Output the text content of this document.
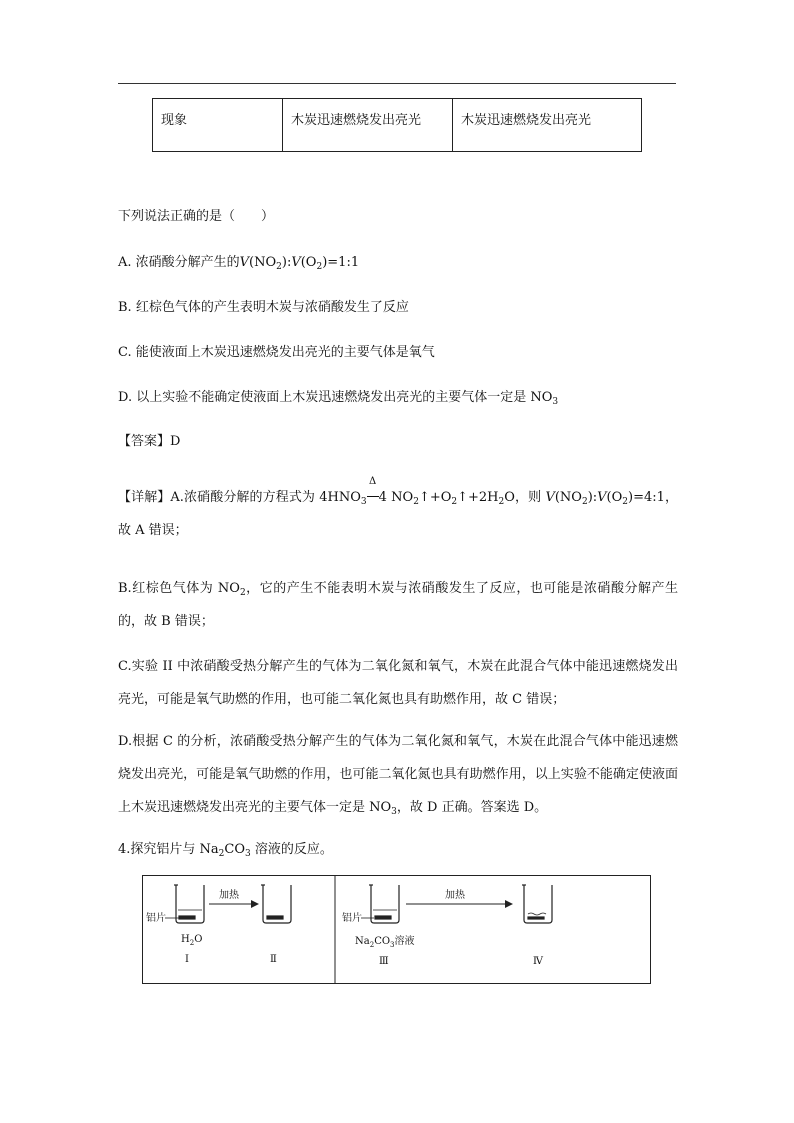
现象	木炭迅速燃烧发出亮光	木炭迅速燃烧发出亮光
下列说法正确的是（　　）
A. 浓硝酸分解产生的$V(NO_2):V(O_2)=1:1$
B. 红棕色气体的产生表明木炭与浓硝酸发生了反应
C. 能使液面上木炭迅速燃烧发出亮光的主要气体是氧气
D. 以上实验不能确定使液面上木炭迅速燃烧发出亮光的主要气体一定是 $NO_3$
【答案】D
【详解】A.浓硝酸分解的方程式为 $4HNO_3$
Δ
4 $NO_2↑+O_2↑+2H_2O$，则 $V(NO_2):V(O_2)=4:1$，故 A 错误；
B.红棕色气体为 $NO_2$，它的产生不能表明木炭与浓硝酸发生了反应，也可能是浓硝酸分解产生的，故 B 错误；
C.实验 II 中浓硝酸受热分解产生的气体为二氧化氮和氧气，木炭在此混合气体中能迅速燃烧发出亮光，可能是氧气助燃的作用，也可能二氧化氮也具有助燃作用，故 C 错误；
D.根据 C 的分析，浓硝酸受热分解产生的气体为二氧化氮和氧气，木炭在此混合气体中能迅速燃烧发出亮光，可能是氧气助燃的作用，也可能二氧化氮也具有助燃作用，以上实验不能确定使液面上木炭迅速燃烧发出亮光的主要气体一定是 $NO_3$，故 D 正确。答案选 D。
4.探究铝片与 $Na_2CO_3$ 溶液的反应。
加热
铝片
$H_2O$
Ⅰ	Ⅱ
加热
铝片
$Na_2CO_3$溶液
Ⅲ	Ⅳ
